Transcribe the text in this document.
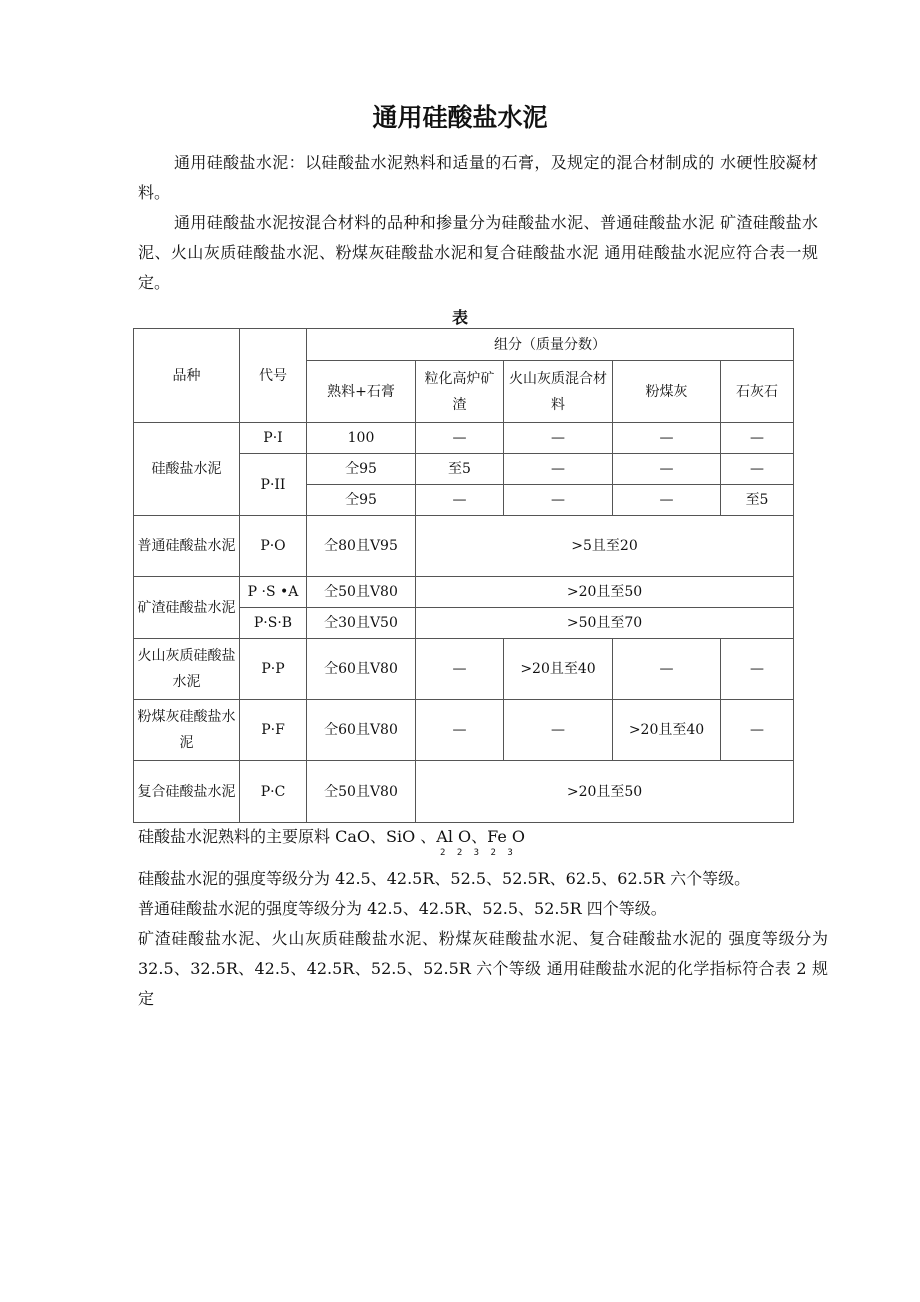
通用硅酸盐水泥
通用硅酸盐水泥：以硅酸盐水泥熟料和适量的石膏，及规定的混合材制成的 水硬性胶凝材料。
通用硅酸盐水泥按混合材料的品种和掺量分为硅酸盐水泥、普通硅酸盐水泥 矿渣硅酸盐水泥、火山灰质硅酸盐水泥、粉煤灰硅酸盐水泥和复合硅酸盐水泥 通用硅酸盐水泥应符合表一规定。
表
品种	代号	组分（质量分数）				
		熟料+石膏	粒化高炉矿渣	火山灰质混合材料	粉煤灰	石灰石
硅酸盐水泥	P·I	100	—	—	—	—
	P·II	仝95	至5	—	—	—
		仝95	—	—	—	至5
普通硅酸盐水泥	P·O	仝80且V95	>5且至20			
矿渣硅酸盐水泥	P ·S •A	仝50且V80	>20且至50			
	P·S·B	仝30且V50	>50且至70			
火山灰质硅酸盐水泥	P·P	仝60且V80	—	>20且至40	—	—
粉煤灰硅酸盐水泥	P·F	仝60且V80	—	—	>20且至40	—
复合硅酸盐水泥	P·C	仝50且V80	>20且至50			
硅酸盐水泥熟料的主要原料 CaO、SiO 、Al O、Fe O
2 2 3 2 3
硅酸盐水泥的强度等级分为 42.5、42.5R、52.5、52.5R、62.5、62.5R 六个等级。
普通硅酸盐水泥的强度等级分为 42.5、42.5R、52.5、52.5R 四个等级。
矿渣硅酸盐水泥、火山灰质硅酸盐水泥、粉煤灰硅酸盐水泥、复合硅酸盐水泥的 强度等级分为 32.5、32.5R、42.5、42.5R、52.5、52.5R 六个等级 通用硅酸盐水泥的化学指标符合表 2 规定
